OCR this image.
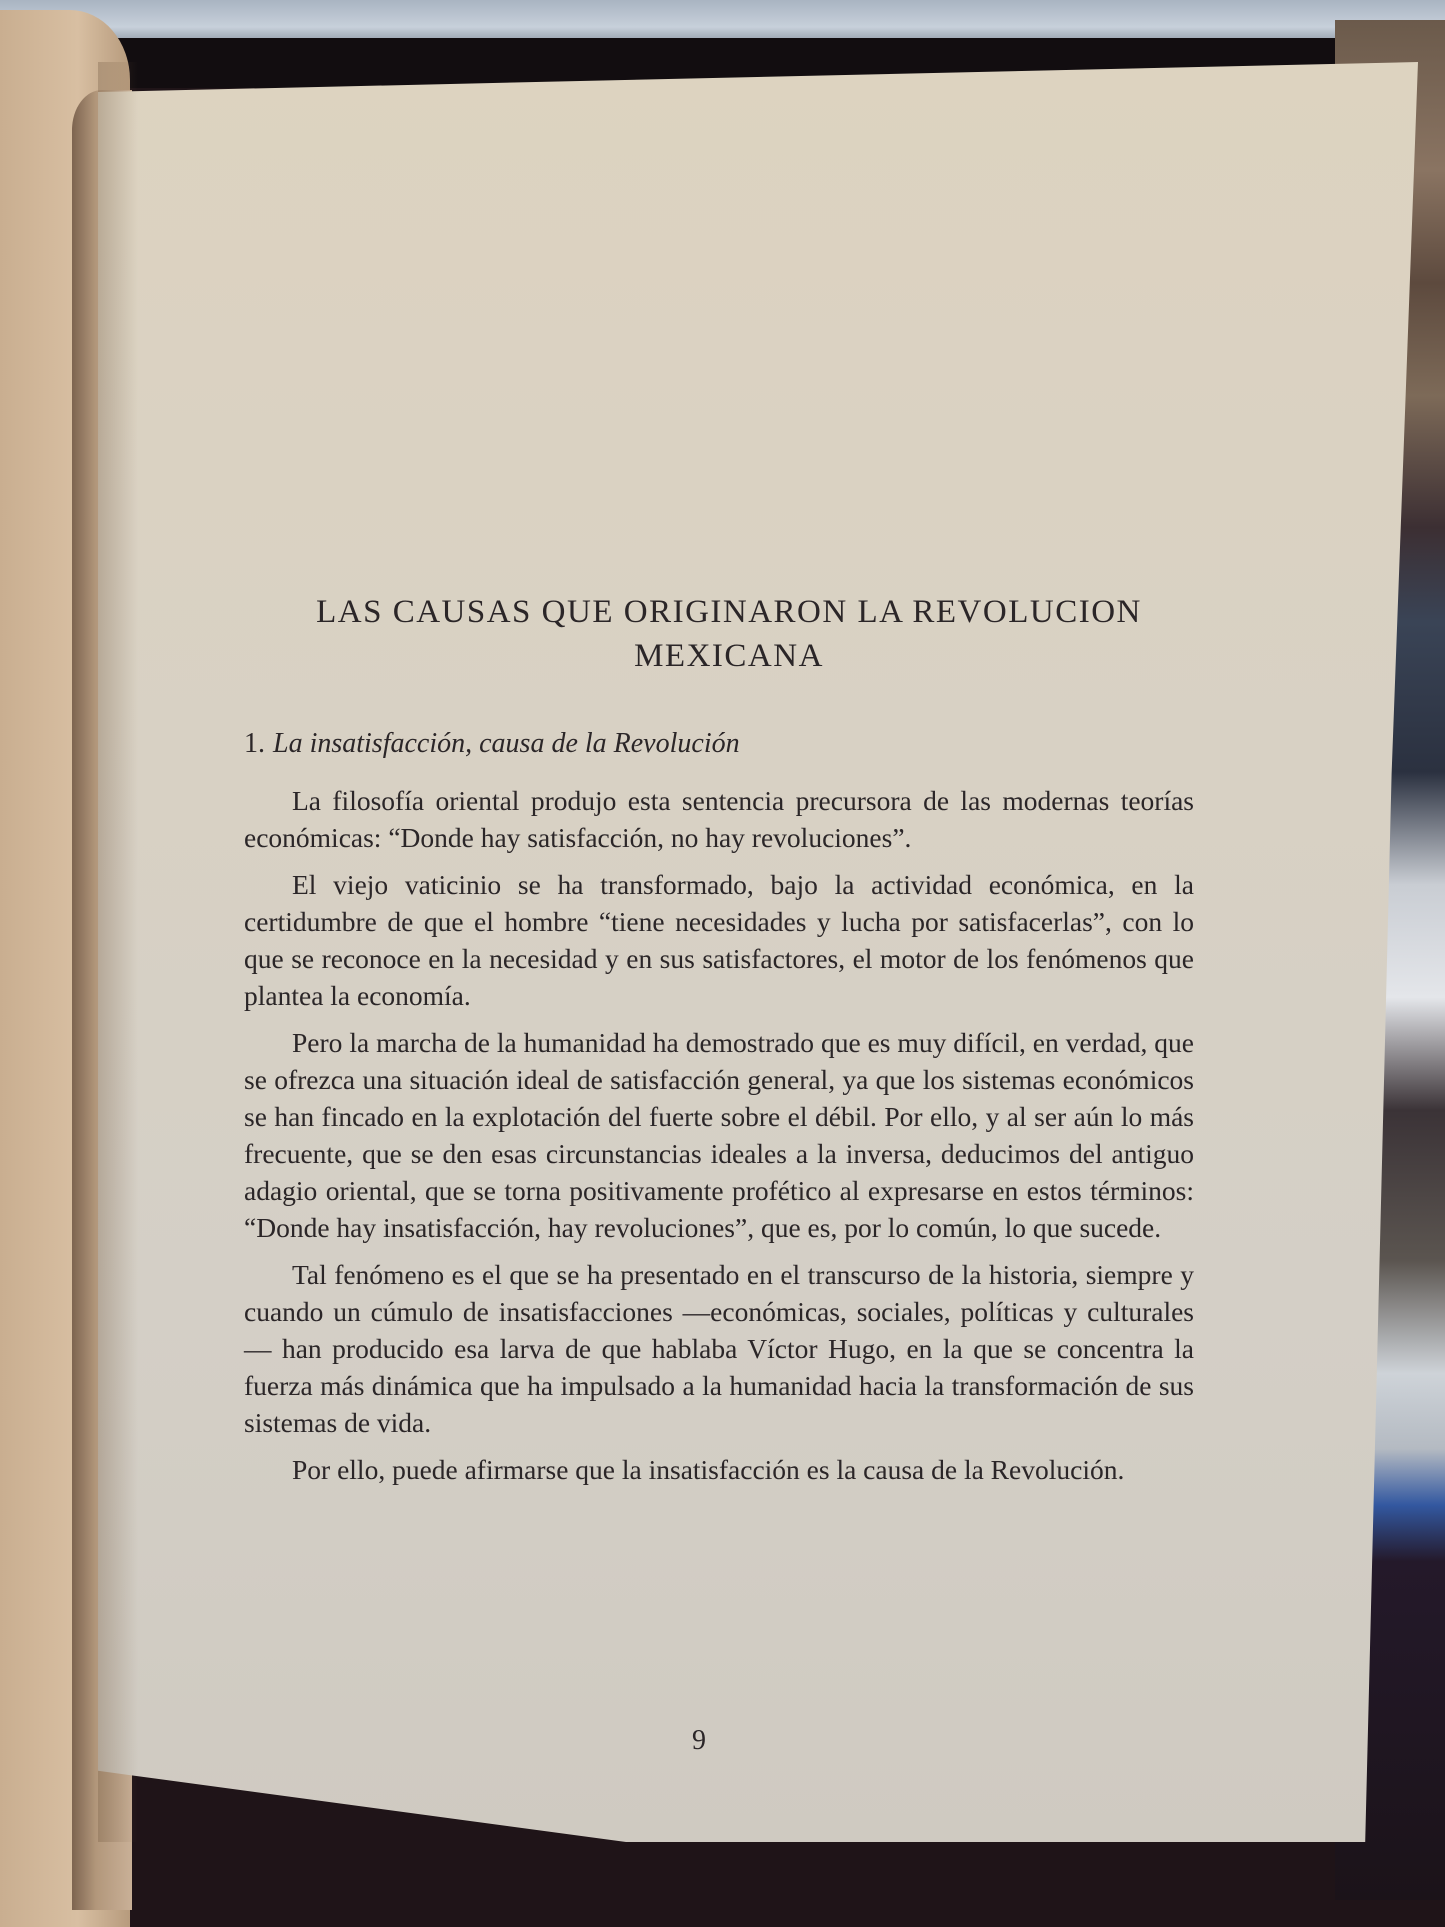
LAS CAUSAS QUE ORIGINARON LA REVOLUCION
MEXICANA
1. La insatisfacción, causa de la Revolución

La filosofía oriental produjo esta sentencia precursora de las modernas teorías económicas: “Donde hay satisfacción, no hay revoluciones”.

El viejo vaticinio se ha transformado, bajo la actividad económica, en la certidumbre de que el hombre “tiene necesidades y lucha por satisfacerlas”, con lo que se reconoce en la necesidad y en sus satisfactores, el motor de los fenómenos que plantea la economía.

Pero la marcha de la humanidad ha demostrado que es muy difícil, en verdad, que se ofrezca una situación ideal de satisfacción general, ya que los sistemas económicos se han fincado en la explotación del fuerte sobre el débil. Por ello, y al ser aún lo más frecuente, que se den esas circunstancias ideales a la inversa, deducimos del antiguo adagio oriental, que se torna positivamente profético al expresarse en estos términos: “Donde hay insatisfacción, hay revoluciones”, que es, por lo común, lo que sucede.

Tal fenómeno es el que se ha presentado en el transcurso de la historia, siempre y cuando un cúmulo de insatisfacciones —económicas, sociales, políticas y culturales— han producido esa larva de que hablaba Víctor Hugo, en la que se concentra la fuerza más dinámica que ha impulsado a la humanidad hacia la transformación de sus sistemas de vida.

Por ello, puede afirmarse que la insatisfacción es la causa de la Revolución.

9
